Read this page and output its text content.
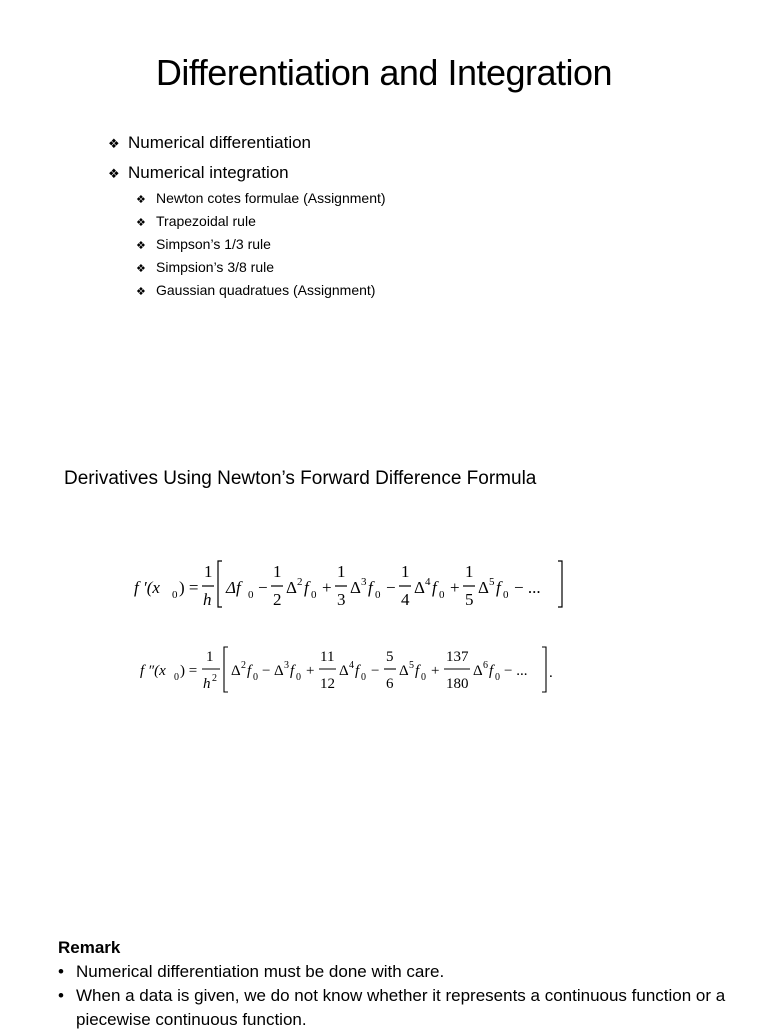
Differentiation and Integration
❖ Numerical differentiation
❖ Numerical integration
❖ Newton cotes formulae (Assignment)
❖ Trapezoidal rule
❖ Simpson’s 1/3 rule
❖ Simpsion’s 3/8 rule
❖ Gaussian quadratues (Assignment)
Derivatives Using Newton’s Forward Difference Formula
f ′(x 0 ) =
1
h
Δf 0 −
1
2
Δ 2 f 0 +
1
3
Δ 3 f 0 −
1
4
Δ 4 f 0 +
1
5
Δ 5 f 0 − ...
f ″(x 0 ) =
1
h 2 Δ 2 f 0 − Δ 3 f 0 +
11
12
Δ 4 f 0 −
5
6
Δ 5 f 0 +
137
180
Δ 6 f 0 − ... .
Remark
• Numerical differentiation must be done with care.
• When a data is given, we do not know whether it represents a continuous function or a piecewise continuous function.
